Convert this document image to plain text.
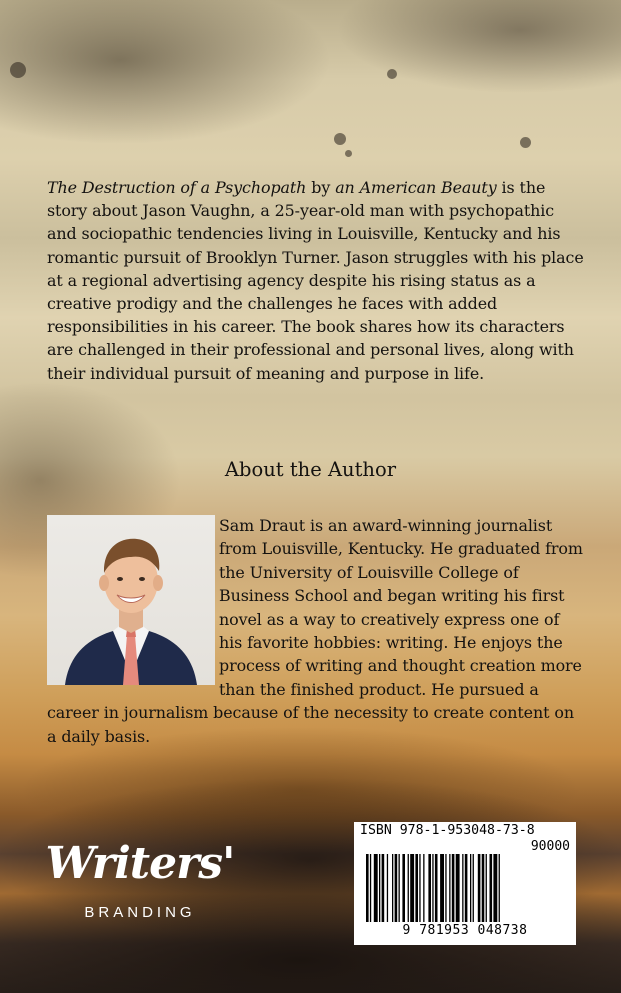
The Destruction of a Psychopath by an American Beauty is the story about Jason Vaughn, a 25-year-old man with psychopathic and sociopathic tendencies living in Louisville, Kentucky and his romantic pursuit of Brooklyn Turner. Jason struggles with his place at a regional advertising agency despite his rising status as a creative prodigy and the challenges he faces with added responsibilities in his career. The book shares how its characters are challenged in their professional and personal lives, along with their individual pursuit of meaning and purpose in life.
About the Author
Sam Draut is an award-winning journalist from Louisville, Kentucky. He graduated from the University of Louisville College of Business School and began writing his first novel as a way to creatively express one of his favorite hobbies: writing. He enjoys the process of writing and thought creation more than the finished product. He pursued a career in journalism because of the necessity to create content on a daily basis.
Writers'
BRANDING
ISBN 978-1-953048-73-8
90000
9 781953 048738
